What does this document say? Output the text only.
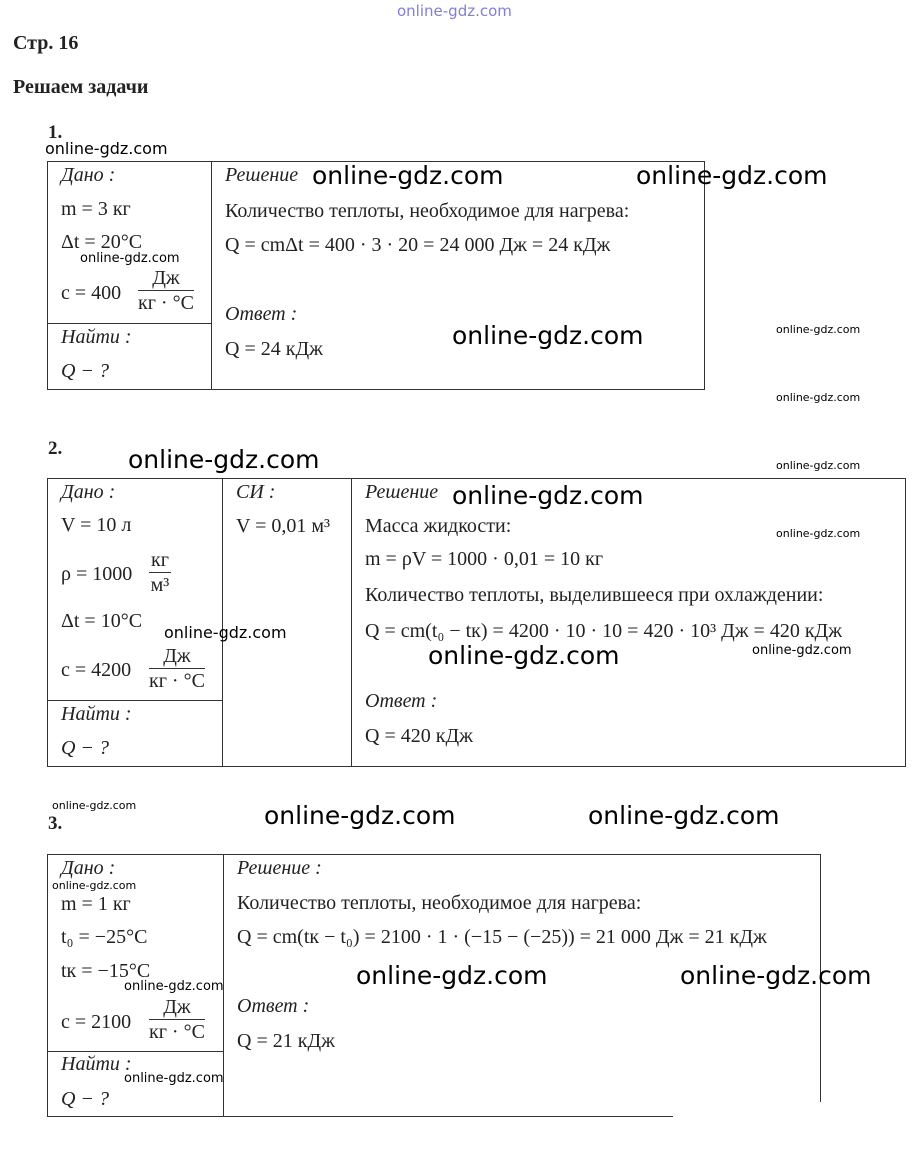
online-gdz.com
Стр. 16
Решаем задачи
1.
online-gdz.com
Дано :
m = 3 кг
Δt = 20°C
c = 400
Дж
кг · °C
Найти :
Q − ?
Решение
Количество теплоты, необходимое для нагрева:
Q = cmΔt = 400 · 3 · 20 = 24 000 Дж = 24 кДж
Ответ :
Q = 24 кДж
online-gdz.com	online-gdz.com
online-gdz.com
online-gdz.com	online-gdz.com
online-gdz.com
2.	online-gdz.com	online-gdz.com
Дано :
V = 10 л
ρ = 1000
кг
м³
Δt = 10°C
c = 4200
Дж
кг · °C
Найти :
Q − ?
СИ :
V = 0,01 м³
Решение
Масса жидкости:
m = ρV = 1000 · 0,01 = 10 кг
Количество теплоты, выделившееся при охлаждении:
Q = cm(t₀ − tк) = 4200 · 10 · 10 = 420 · 10³ Дж = 420 кДж
Ответ :
Q = 420 кДж
online-gdz.com
online-gdz.com
online-gdz.com
online-gdz.com
online-gdz.com
online-gdz.com
3.	online-gdz.com	online-gdz.com
Дано :
m = 1 кг
t₀ = −25°C
tк = −15°C
c = 2100
Дж
кг · °C
Найти :
Q − ?
Решение :
Количество теплоты, необходимое для нагрева:
Q = cm(tк − t₀) = 2100 · 1 · (−15 − (−25)) = 21 000 Дж = 21 кДж
Ответ :
Q = 21 кДж
online-gdz.com
online-gdz.com	online-gdz.com
online-gdz.com
online-gdz.com
